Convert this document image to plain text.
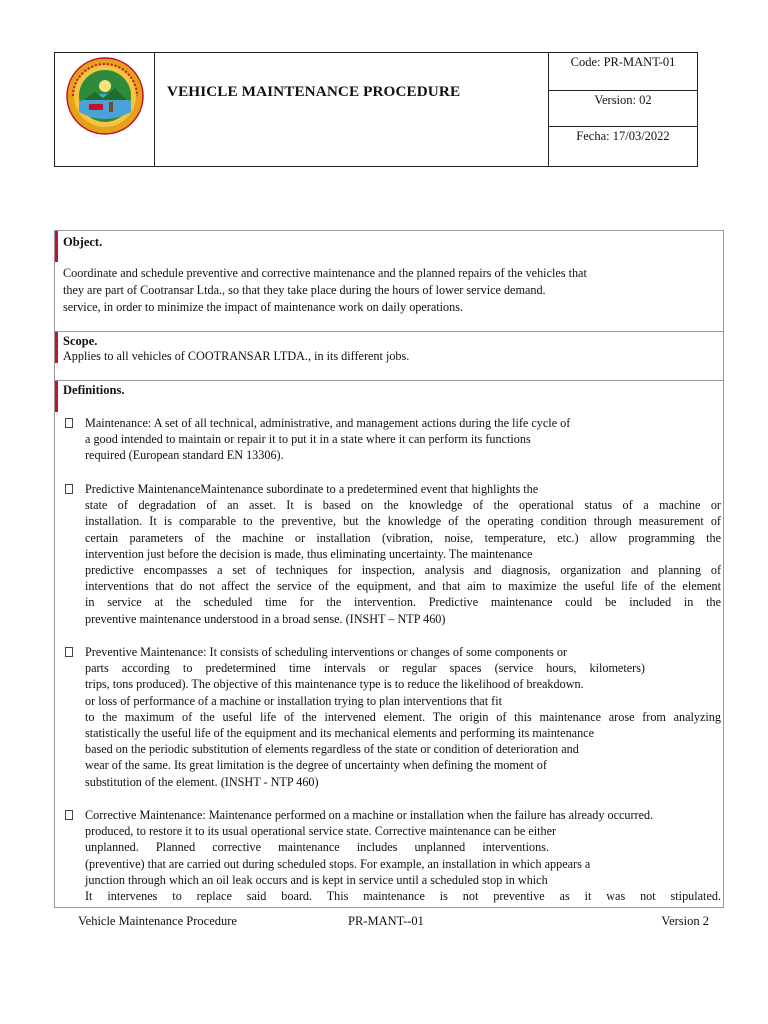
VEHICLE MAINTENANCE PROCEDURE
Code: PR-MANT-01
Version: 02
Fecha: 17/03/2022
Object.
Coordinate and schedule preventive and corrective maintenance and the planned repairs of the vehicles that
they are part of Cootransar Ltda., so that they take place during the hours of lower service demand.
service, in order to minimize the impact of maintenance work on daily operations.
Scope.
Applies to all vehicles of COOTRANSAR LTDA., in its different jobs.
Definitions.
Maintenance: A set of all technical, administrative, and management actions during the life cycle of
a good intended to maintain or repair it to put it in a state where it can perform its functions
required (European standard EN 13306).
Predictive MaintenanceMaintenance subordinate to a predetermined event that highlights the
state of degradation of an asset. It is based on the knowledge of the operational status of a machine or
installation. It is comparable to the preventive, but the knowledge of the operating condition through measurement of
certain parameters of the machine or installation (vibration, noise, temperature, etc.) allow programming the
intervention just before the decision is made, thus eliminating uncertainty. The maintenance
predictive encompasses a set of techniques for inspection, analysis and diagnosis, organization and planning of
interventions that do not affect the service of the equipment, and that aim to maximize the useful life of the element
in service at the scheduled time for the intervention. Predictive maintenance could be included in the
preventive maintenance understood in a broad sense. (INSHT – NTP 460)
Preventive Maintenance: It consists of scheduling interventions or changes of some components or
parts according to predetermined time intervals or regular spaces (service hours, kilometers)
trips, tons produced). The objective of this maintenance type is to reduce the likelihood of breakdown.
or loss of performance of a machine or installation trying to plan interventions that fit
to the maximum of the useful life of the intervened element. The origin of this maintenance arose from analyzing
statistically the useful life of the equipment and its mechanical elements and performing its maintenance
based on the periodic substitution of elements regardless of the state or condition of deterioration and
wear of the same. Its great limitation is the degree of uncertainty when defining the moment of
substitution of the element. (INSHT - NTP 460)
Corrective Maintenance: Maintenance performed on a machine or installation when the failure has already occurred.
produced, to restore it to its usual operational service state. Corrective maintenance can be either
unplanned. Planned corrective maintenance includes unplanned interventions.
(preventive) that are carried out during scheduled stops. For example, an installation in which appears a
junction through which an oil leak occurs and is kept in service until a scheduled stop in which
It intervenes to replace said board. This maintenance is not preventive as it was not stipulated.
Vehicle Maintenance Procedure	PR-MANT--01	Version 2
